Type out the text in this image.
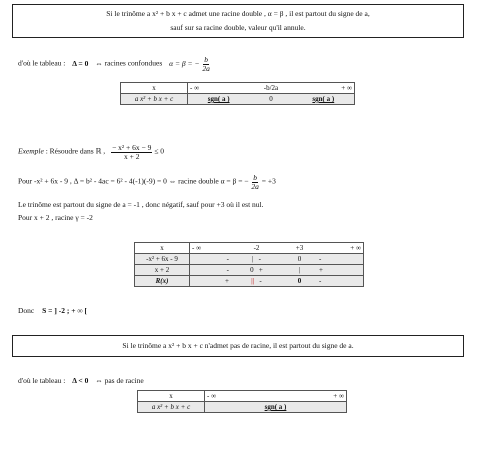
Si le trinôme a x² + b x + c admet une racine double , α = β , il est partout du signe de a,
sauf sur sa racine double, valeur qu'il annule.
d'où le tableau : Δ = 0 ⇔ racines confondues α = β = − $\frac{b}{2a}$
x	- ∞	-b/2a	+ ∞
a x² + b x + c	sgn( a )	0	sgn( a )
Exemple : Résoudre dans ℝ , $\frac{\text{− x² + 6x − 9}}{x + 2} \le 0$
Pour -x² + 6x - 9 , Δ = b² - 4ac = 6² - 4(-1)(-9) = 0 ⇔ racine double α = β = − $\frac{b}{2a} = +3$
Le trinôme est partout du signe de a = -1 , donc négatif, sauf pour +3 où il est nul.
Pour x + 2 , racine γ = -2
x	- ∞	-2	+3	+ ∞
-x² + 6x - 9	-	| -	0	-
x + 2	-	0 +	|	+
R(x)	+	|| -	0	-
Donc S = ] -2 ; + ∞ [
Si le trinôme a x² + b x + c n'admet pas de racine, il est partout du signe de a.
d'où le tableau : Δ < 0 ⇔ pas de racine
x	- ∞	+ ∞
a x² + b x + c	sgn( a )	
